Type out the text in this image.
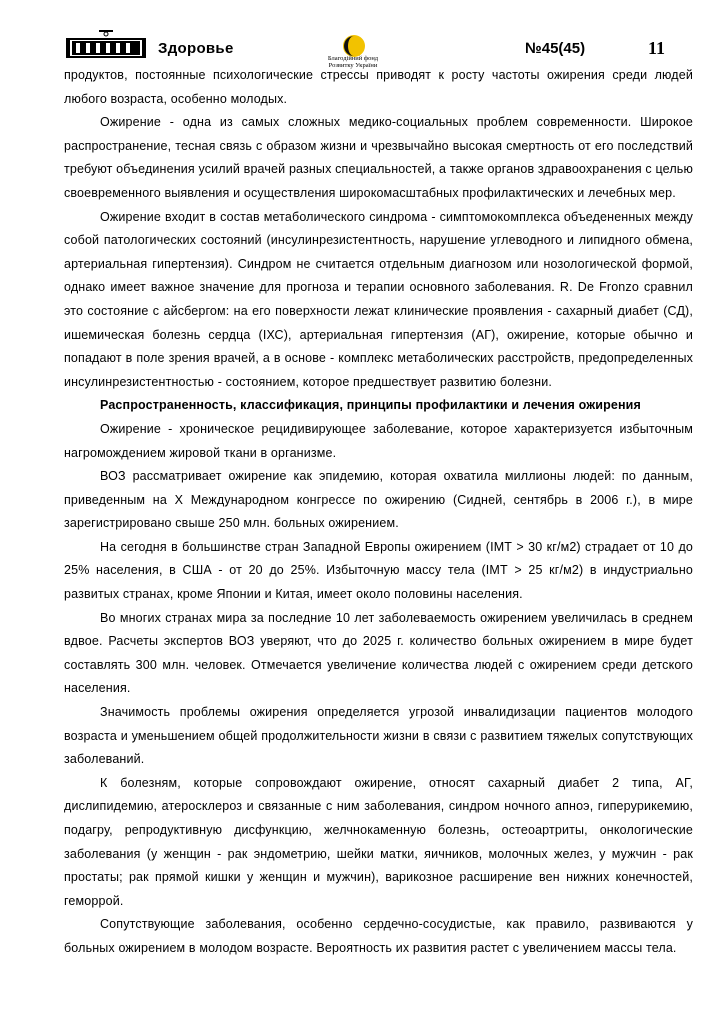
Здоровье
Благодійний фонд
Розвитку України
№45(45)	11

продуктов, постоянные психологические стрессы приводят к росту частоты ожирения среди людей любого возраста, особенно молодых.

Ожирение - одна из самых сложных медико-социальных проблем современности. Широкое распространение, тесная связь с образом жизни и чрезвычайно высокая смертность от его последствий требуют объединения усилий врачей разных специальностей, а также органов здравоохранения с целью своевременного выявления и осуществления широкомасштабных профилактических и лечебных мер.

Ожирение входит в состав метаболического синдрома - симптомокомплекса объедененных между собой патологических состояний (инсулинрезистентность, нарушение углеводного и липидного обмена, артериальная гипертензия). Синдром не считается отдельным диагнозом или нозологической формой, однако имеет важное значение для прогноза и терапии основного заболевания. R. De Fronzo сравнил это состояние с айсбергом: на его поверхности лежат клинические проявления - сахарный диабет (СД), ишемическая болезнь сердца (ІХС), артериальная гипертензия (АГ), ожирение, которые обычно и попадают в поле зрения врачей, а в основе - комплекс метаболических расстройств, предопределенных инсулинрезистентностью - состоянием, которое предшествует развитию болезни.

Распространенность, классификация, принципы профилактики и лечения ожирения

Ожирение - хроническое рецидивирующее заболевание, которое характеризуется избыточным нагромождением жировой ткани в организме.

ВОЗ рассматривает ожирение как эпидемию, которая охватила миллионы людей: по данным, приведенным на X Международном конгрессе по ожирению (Сидней, сентябрь в 2006 г.), в мире зарегистрировано свыше 250 млн. больных ожирением.

На сегодня в большинстве стран Западной Европы ожирением (ІМТ > 30 кг/м2) страдает от 10 до 25% населения, в США - от 20 до 25%. Избыточную массу тела (ІМТ > 25 кг/м2) в индустриально развитых странах, кроме Японии и Китая, имеет около половины населения.

Во многих странах мира за последние 10 лет заболеваемость ожирением увеличилась в среднем вдвое. Расчеты экспертов ВОЗ уверяют, что до 2025 г. количество больных ожирением в мире будет составлять 300 млн. человек. Отмечается увеличение количества людей с ожирением среди детского населения.

Значимость проблемы ожирения определяется угрозой инвалидизации пациентов молодого возраста и уменьшением общей продолжительности жизни в связи с развитием тяжелых сопутствующих заболеваний.

К болезням, которые сопровождают ожирение, относят сахарный диабет 2 типа, АГ, дислипидемию, атеросклероз и связанные с ним заболевания, синдром ночного апноэ, гиперурикемию, подагру, репродуктивную дисфункцию, желчнокаменную болезнь, остеоартриты, онкологические заболевания (у женщин - рак эндометрию, шейки матки, яичников, молочных желез, у мужчин - рак простаты; рак прямой кишки у женщин и мужчин), варикозное расширение вен нижних конечностей, геморрой.

Сопутствующие заболевания, особенно сердечно-сосудистые, как правило, развиваются у больных ожирением в молодом возрасте. Вероятность их развития растет с увеличением массы тела.
